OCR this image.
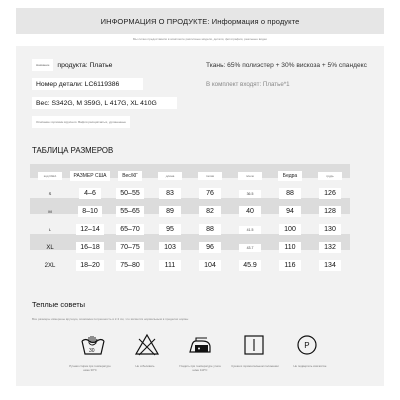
ИНФОРМАЦИЯ О ПРОДУКТЕ: Информация о продукте
Мы лично предоставили в комплекте различные модели, детали, фотографии, реальные видео
Название	продукта: Платье	Ткань: 65% полиэстер + 30% вискоза + 5% спандекс
Номер детали: LC6119386	В комплект входят: Платье*1
Вес: S342G, M 359G, L 417G, XL 410G
Описание горловин вруичего: Вафля расщипчатых, удлиненные
ТАБЛИЦА РАЗМЕРОВ
код США	РАЗМЕР США	Вес/КГ	длина	талия	плечо	Бедра	грудь
S	4–6	50–55	83	76	36.5	88	126
M	8–10	55–65	89	82	40	94	128
L	12–14	65–70	95	88	41.5	100	130
XL	16–18	70–75	103	96	43.7	110	132
2XL	18–20	75–80	111	104	45.9	116	134
Теплые советы
Все размеры измерены вручную, возможна погрешность в 2-3 см, что является нормальным в пределах нормы
30
P
Ручная стирка при температуре ниже 30°С
Не отбеливать	Гладить при температуре утюга ниже 110°С
Сушка в горизонтальном положении	Не подвергать химчистке
